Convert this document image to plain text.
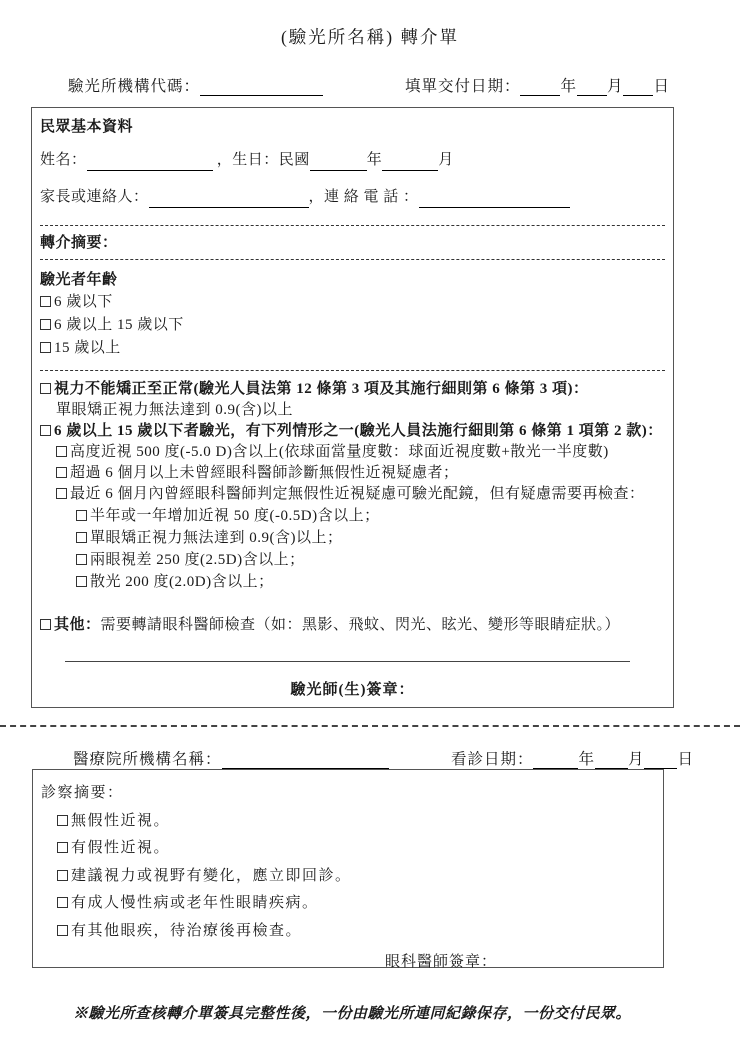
(驗光所名稱) 轉介單
驗光所機構代碼：	填單交付日期：	年 月 日
民眾基本資料
姓名：	，生日：民國	年	月
家長或連絡人：	，連 絡 電 話 ：
轉介摘要：
驗光者年齡
6 歲以下
6 歲以上 15 歲以下
15 歲以上
視力不能矯正至正常(驗光人員法第 12 條第 3 項及其施行細則第 6 條第 3 項)：
單眼矯正視力無法達到 0.9(含)以上
6 歲以上 15 歲以下者驗光，有下列情形之一(驗光人員法施行細則第 6 條第 1 項第 2 款)：
高度近視 500 度(-5.0 D)含以上(依球面當量度數：球面近視度數+散光一半度數)
超過 6 個月以上未曾經眼科醫師診斷無假性近視疑慮者；
最近 6 個月內曾經眼科醫師判定無假性近視疑慮可驗光配鏡，但有疑慮需要再檢查：
半年或一年增加近視 50 度(-0.5D)含以上；
單眼矯正視力無法達到 0.9(含)以上；
兩眼視差 250 度(2.5D)含以上；
散光 200 度(2.0D)含以上；
其他：需要轉請眼科醫師檢查（如：黑影、飛蚊、閃光、眩光、變形等眼睛症狀。）
驗光師(生)簽章：
醫療院所機構名稱：	看診日期：	年 月 日
診察摘要：
無假性近視。
有假性近視。
建議視力或視野有變化，應立即回診。
有成人慢性病或老年性眼睛疾病。
有其他眼疾，待治療後再檢查。
眼科醫師簽章：
※驗光所查核轉介單簽具完整性後，一份由驗光所連同紀錄保存，一份交付民眾。
